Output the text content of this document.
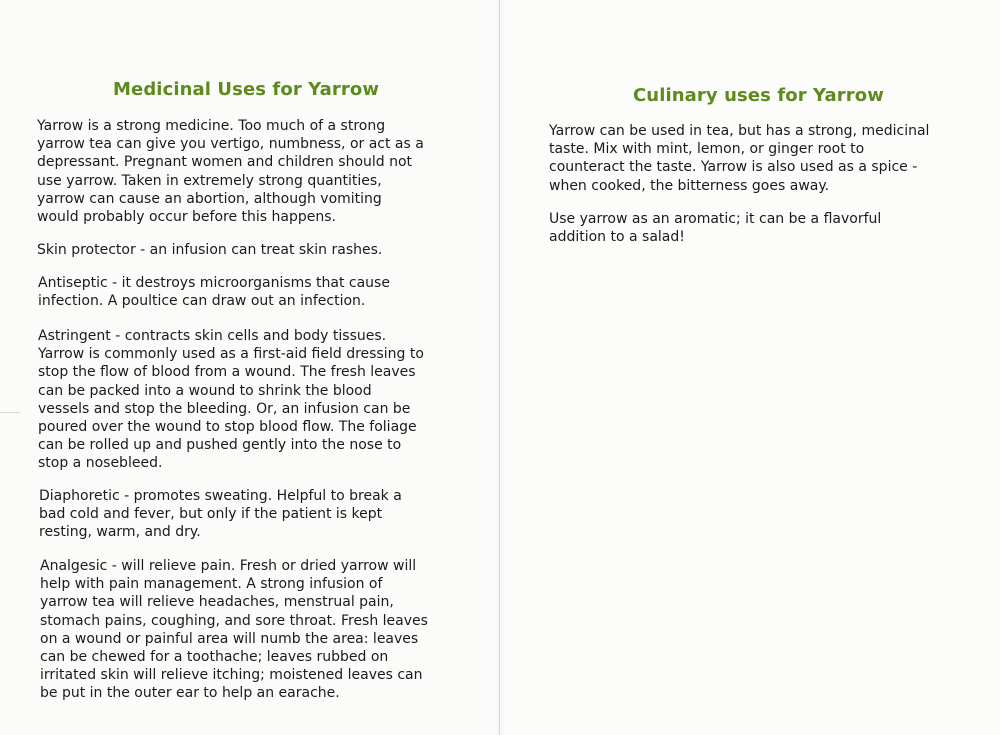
Medicinal Uses for Yarrow

Yarrow is a strong medicine. Too much of a strong
yarrow tea can give you vertigo, numbness, or act as a
depressant. Pregnant women and children should not
use yarrow. Taken in extremely strong quantities,
yarrow can cause an abortion, although vomiting
would probably occur before this happens.

Skin protector - an infusion can treat skin rashes.

Antiseptic - it destroys microorganisms that cause
infection. A poultice can draw out an infection.

Astringent - contracts skin cells and body tissues.
Yarrow is commonly used as a first-aid field dressing to
stop the flow of blood from a wound. The fresh leaves
can be packed into a wound to shrink the blood
vessels and stop the bleeding. Or, an infusion can be
poured over the wound to stop blood flow. The foliage
can be rolled up and pushed gently into the nose to
stop a nosebleed.

Diaphoretic - promotes sweating. Helpful to break a
bad cold and fever, but only if the patient is kept
resting, warm, and dry.

Analgesic - will relieve pain. Fresh or dried yarrow will
help with pain management. A strong infusion of
yarrow tea will relieve headaches, menstrual pain,
stomach pains, coughing, and sore throat. Fresh leaves
on a wound or painful area will numb the area: leaves
can be chewed for a toothache; leaves rubbed on
irritated skin will relieve itching; moistened leaves can
be put in the outer ear to help an earache.

Culinary uses for Yarrow

Yarrow can be used in tea, but has a strong, medicinal
taste. Mix with mint, lemon, or ginger root to
counteract the taste. Yarrow is also used as a spice -
when cooked, the bitterness goes away.

Use yarrow as an aromatic; it can be a flavorful
addition to a salad!
